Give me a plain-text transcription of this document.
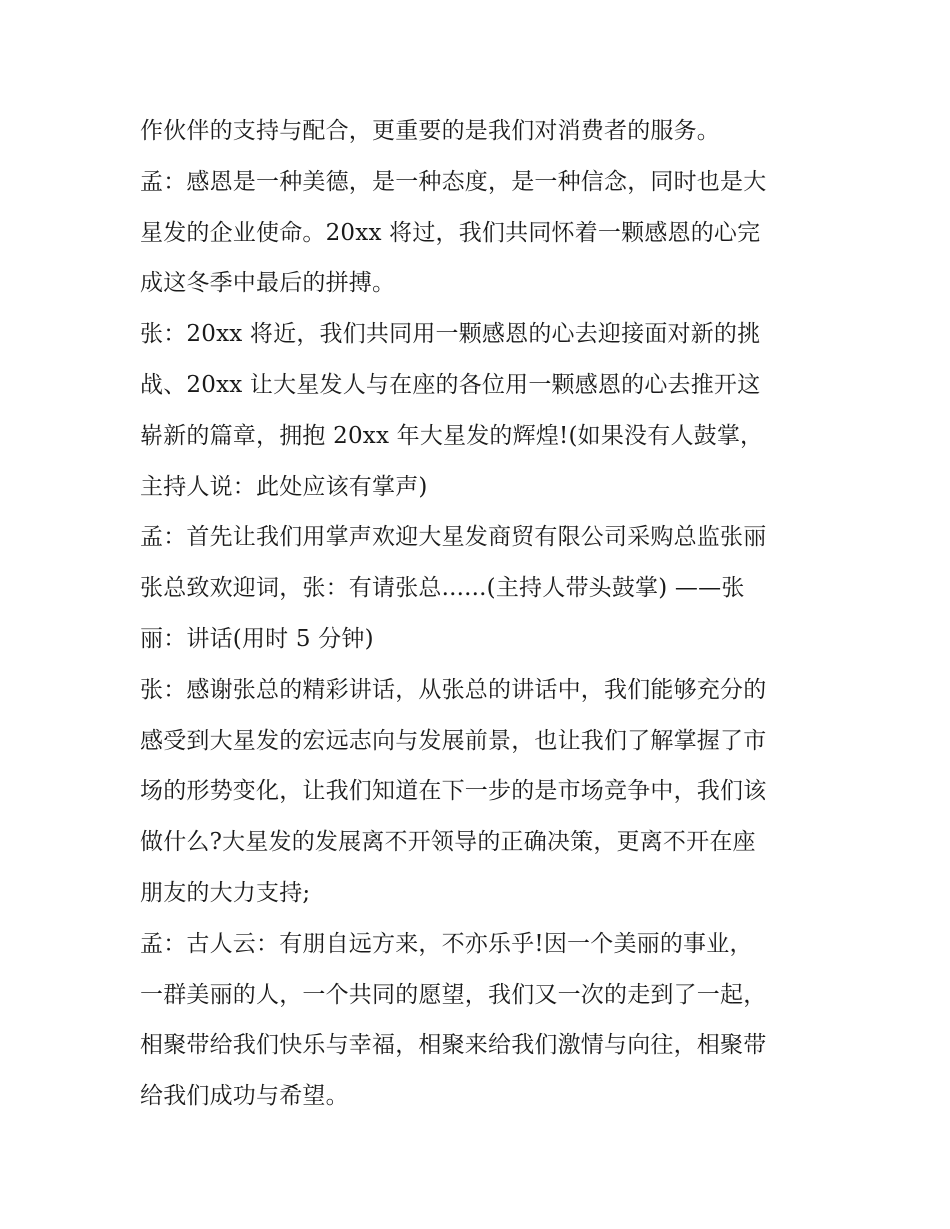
作伙伴的支持与配合，更重要的是我们对消费者的服务。
孟：感恩是一种美德，是一种态度，是一种信念，同时也是大
星发的企业使命。20xx 将过，我们共同怀着一颗感恩的心完
成这冬季中最后的拼搏。
张：20xx 将近，我们共同用一颗感恩的心去迎接面对新的挑
战、20xx 让大星发人与在座的各位用一颗感恩的心去推开这
崭新的篇章，拥抱 20xx 年大星发的辉煌!(如果没有人鼓掌，
主持人说：此处应该有掌声)
孟：首先让我们用掌声欢迎大星发商贸有限公司采购总监张丽
张总致欢迎词，张：有请张总......(主持人带头鼓掌) ——张
丽：讲话(用时 5 分钟)
张：感谢张总的精彩讲话，从张总的讲话中，我们能够充分的
感受到大星发的宏远志向与发展前景，也让我们了解掌握了市
场的形势变化，让我们知道在下一步的是市场竞争中，我们该
做什么?大星发的发展离不开领导的正确决策，更离不开在座
朋友的大力支持;
孟：古人云：有朋自远方来，不亦乐乎!因一个美丽的事业，
一群美丽的人，一个共同的愿望，我们又一次的走到了一起，
相聚带给我们快乐与幸福，相聚来给我们激情与向往，相聚带
给我们成功与希望。
